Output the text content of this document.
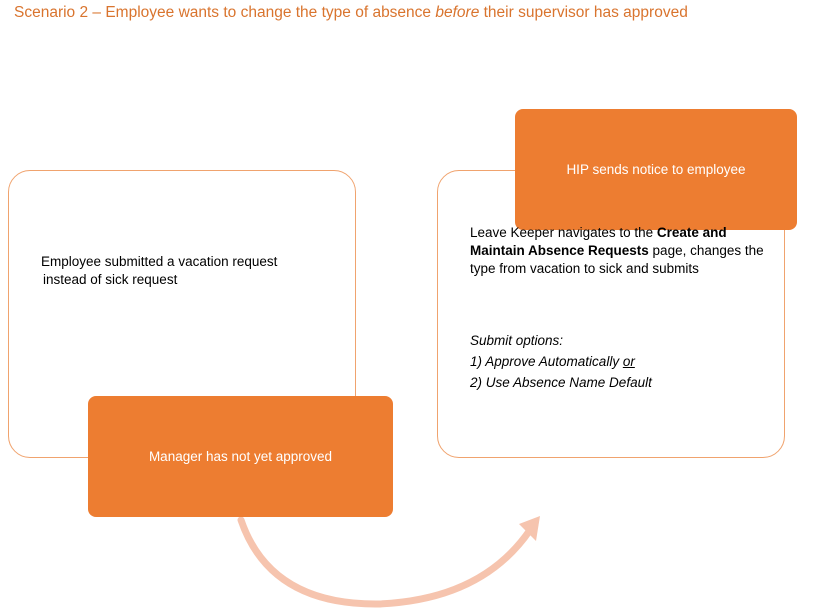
Scenario 2 – Employee wants to change the type of absence before their supervisor has approved
Employee submitted a vacation request
instead of sick request
Manager has not yet approved
HIP sends notice to employee
Leave Keeper navigates to the Create and Maintain Absence Requests page, changes the type from vacation to sick and submits
Submit options:
1) Approve Automatically or
2) Use Absence Name Default
